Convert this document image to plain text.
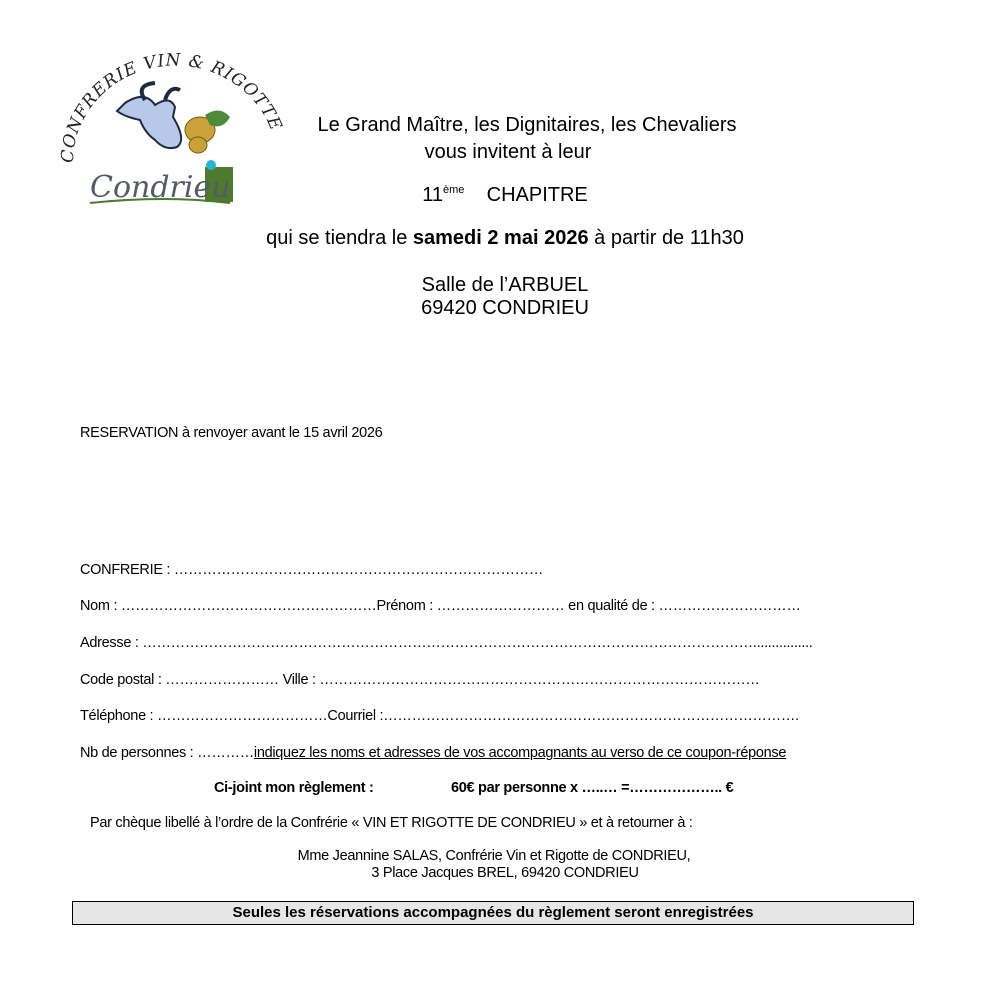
CONFRERIE VIN & RIGOTTE
Condrieu
Le Grand Maître, les Dignitaires, les Chevaliers
vous invitent à leur
11ème CHAPITRE
qui se tiendra le samedi 2 mai 2026 à partir de 11h30
Salle de l’ARBUEL
69420 CONDRIEU
RESERVATION à renvoyer avant le 15 avril 2026
CONFRERIE : ……………………………………………………………………
Nom : ………………………………………………Prénom : ……………………… en qualité de : …………………………
Adresse : …………………………………………………………………………………………………………………................
Code postal : …………………… Ville : …………………………………………………………………………………
Téléphone : ………………………………Courriel :…………………………………………………………………………….
Nb de personnes : …………indiquez les noms et adresses de vos accompagnants au verso de ce coupon-réponse
Ci-joint mon règlement :	60€ par personne x …..… =……………….. €
Par chèque libellé à l’ordre de la Confrérie « VIN ET RIGOTTE DE CONDRIEU » et à retourner à :
Mme Jeannine SALAS, Confrérie Vin et Rigotte de CONDRIEU,
3 Place Jacques BREL, 69420 CONDRIEU
Seules les réservations accompagnées du règlement seront enregistrées
